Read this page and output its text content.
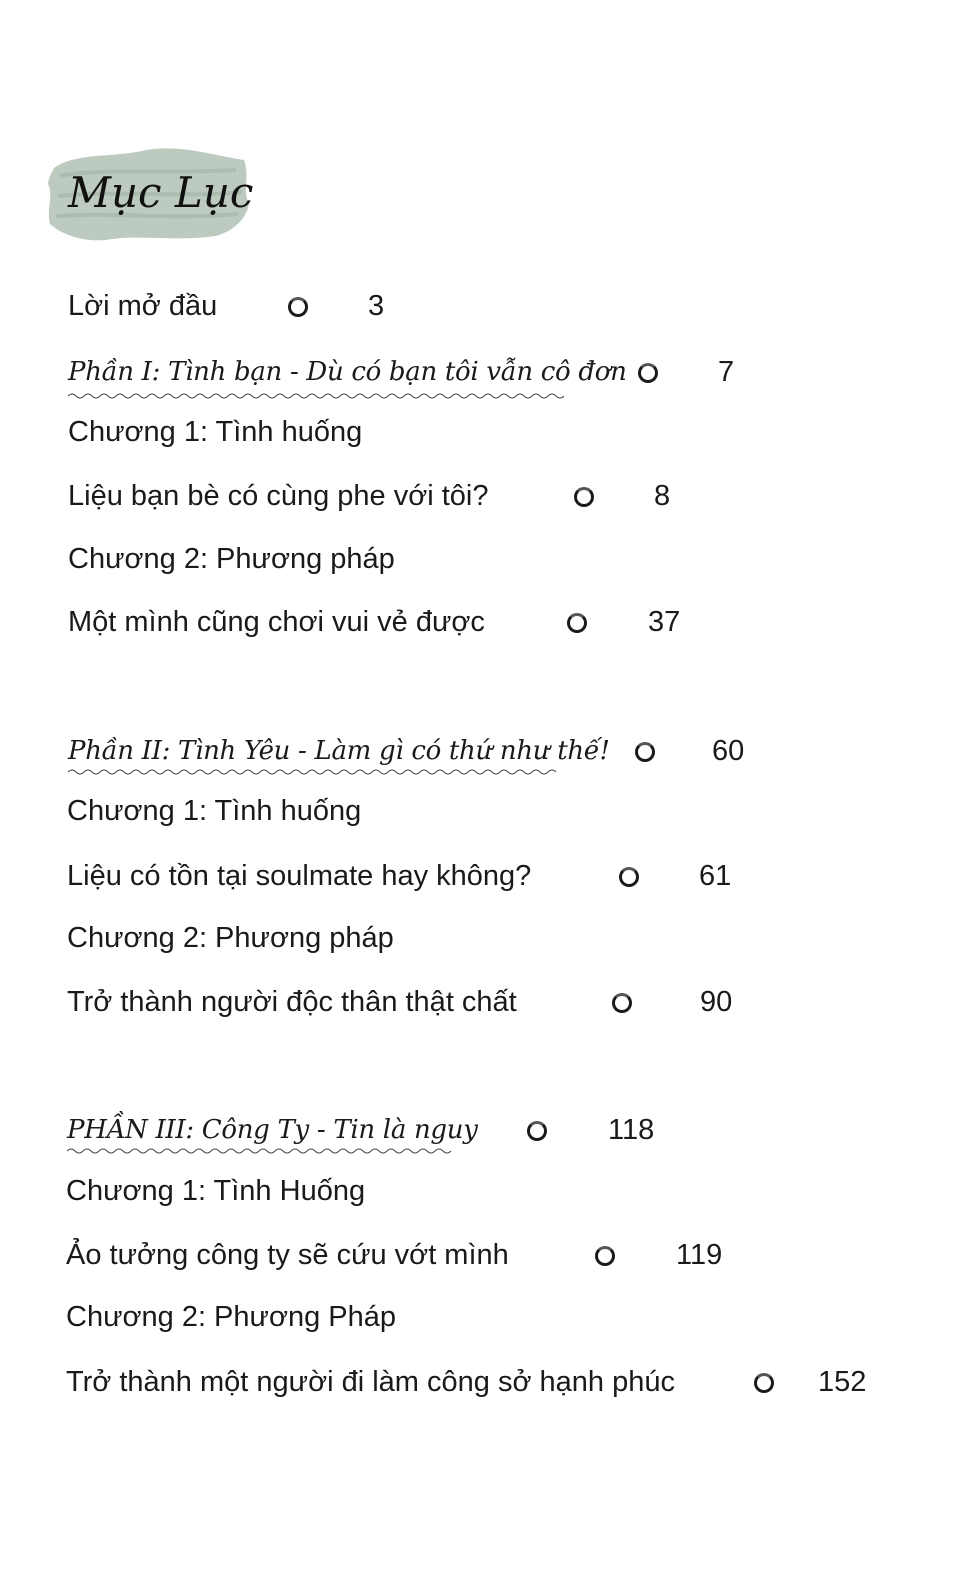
Mục Lục
Lời mở đầu	3
Phần I: Tình bạn - Dù có bạn tôi vẫn cô đơn	7
Chương 1: Tình huống
Liệu bạn bè có cùng phe với tôi?	8
Chương 2: Phương pháp
Một mình cũng chơi vui vẻ được	37
Phần II: Tình Yêu - Làm gì có thứ như thế!	60
Chương 1: Tình huống
Liệu có tồn tại soulmate hay không?	61
Chương 2: Phương pháp
Trở thành người độc thân thật chất	90
PHẦN III: Công Ty - Tin là nguy	118
Chương 1: Tình Huống
Ảo tưởng công ty sẽ cứu vớt mình	119
Chương 2: Phương Pháp
Trở thành một người đi làm công sở hạnh phúc	152
